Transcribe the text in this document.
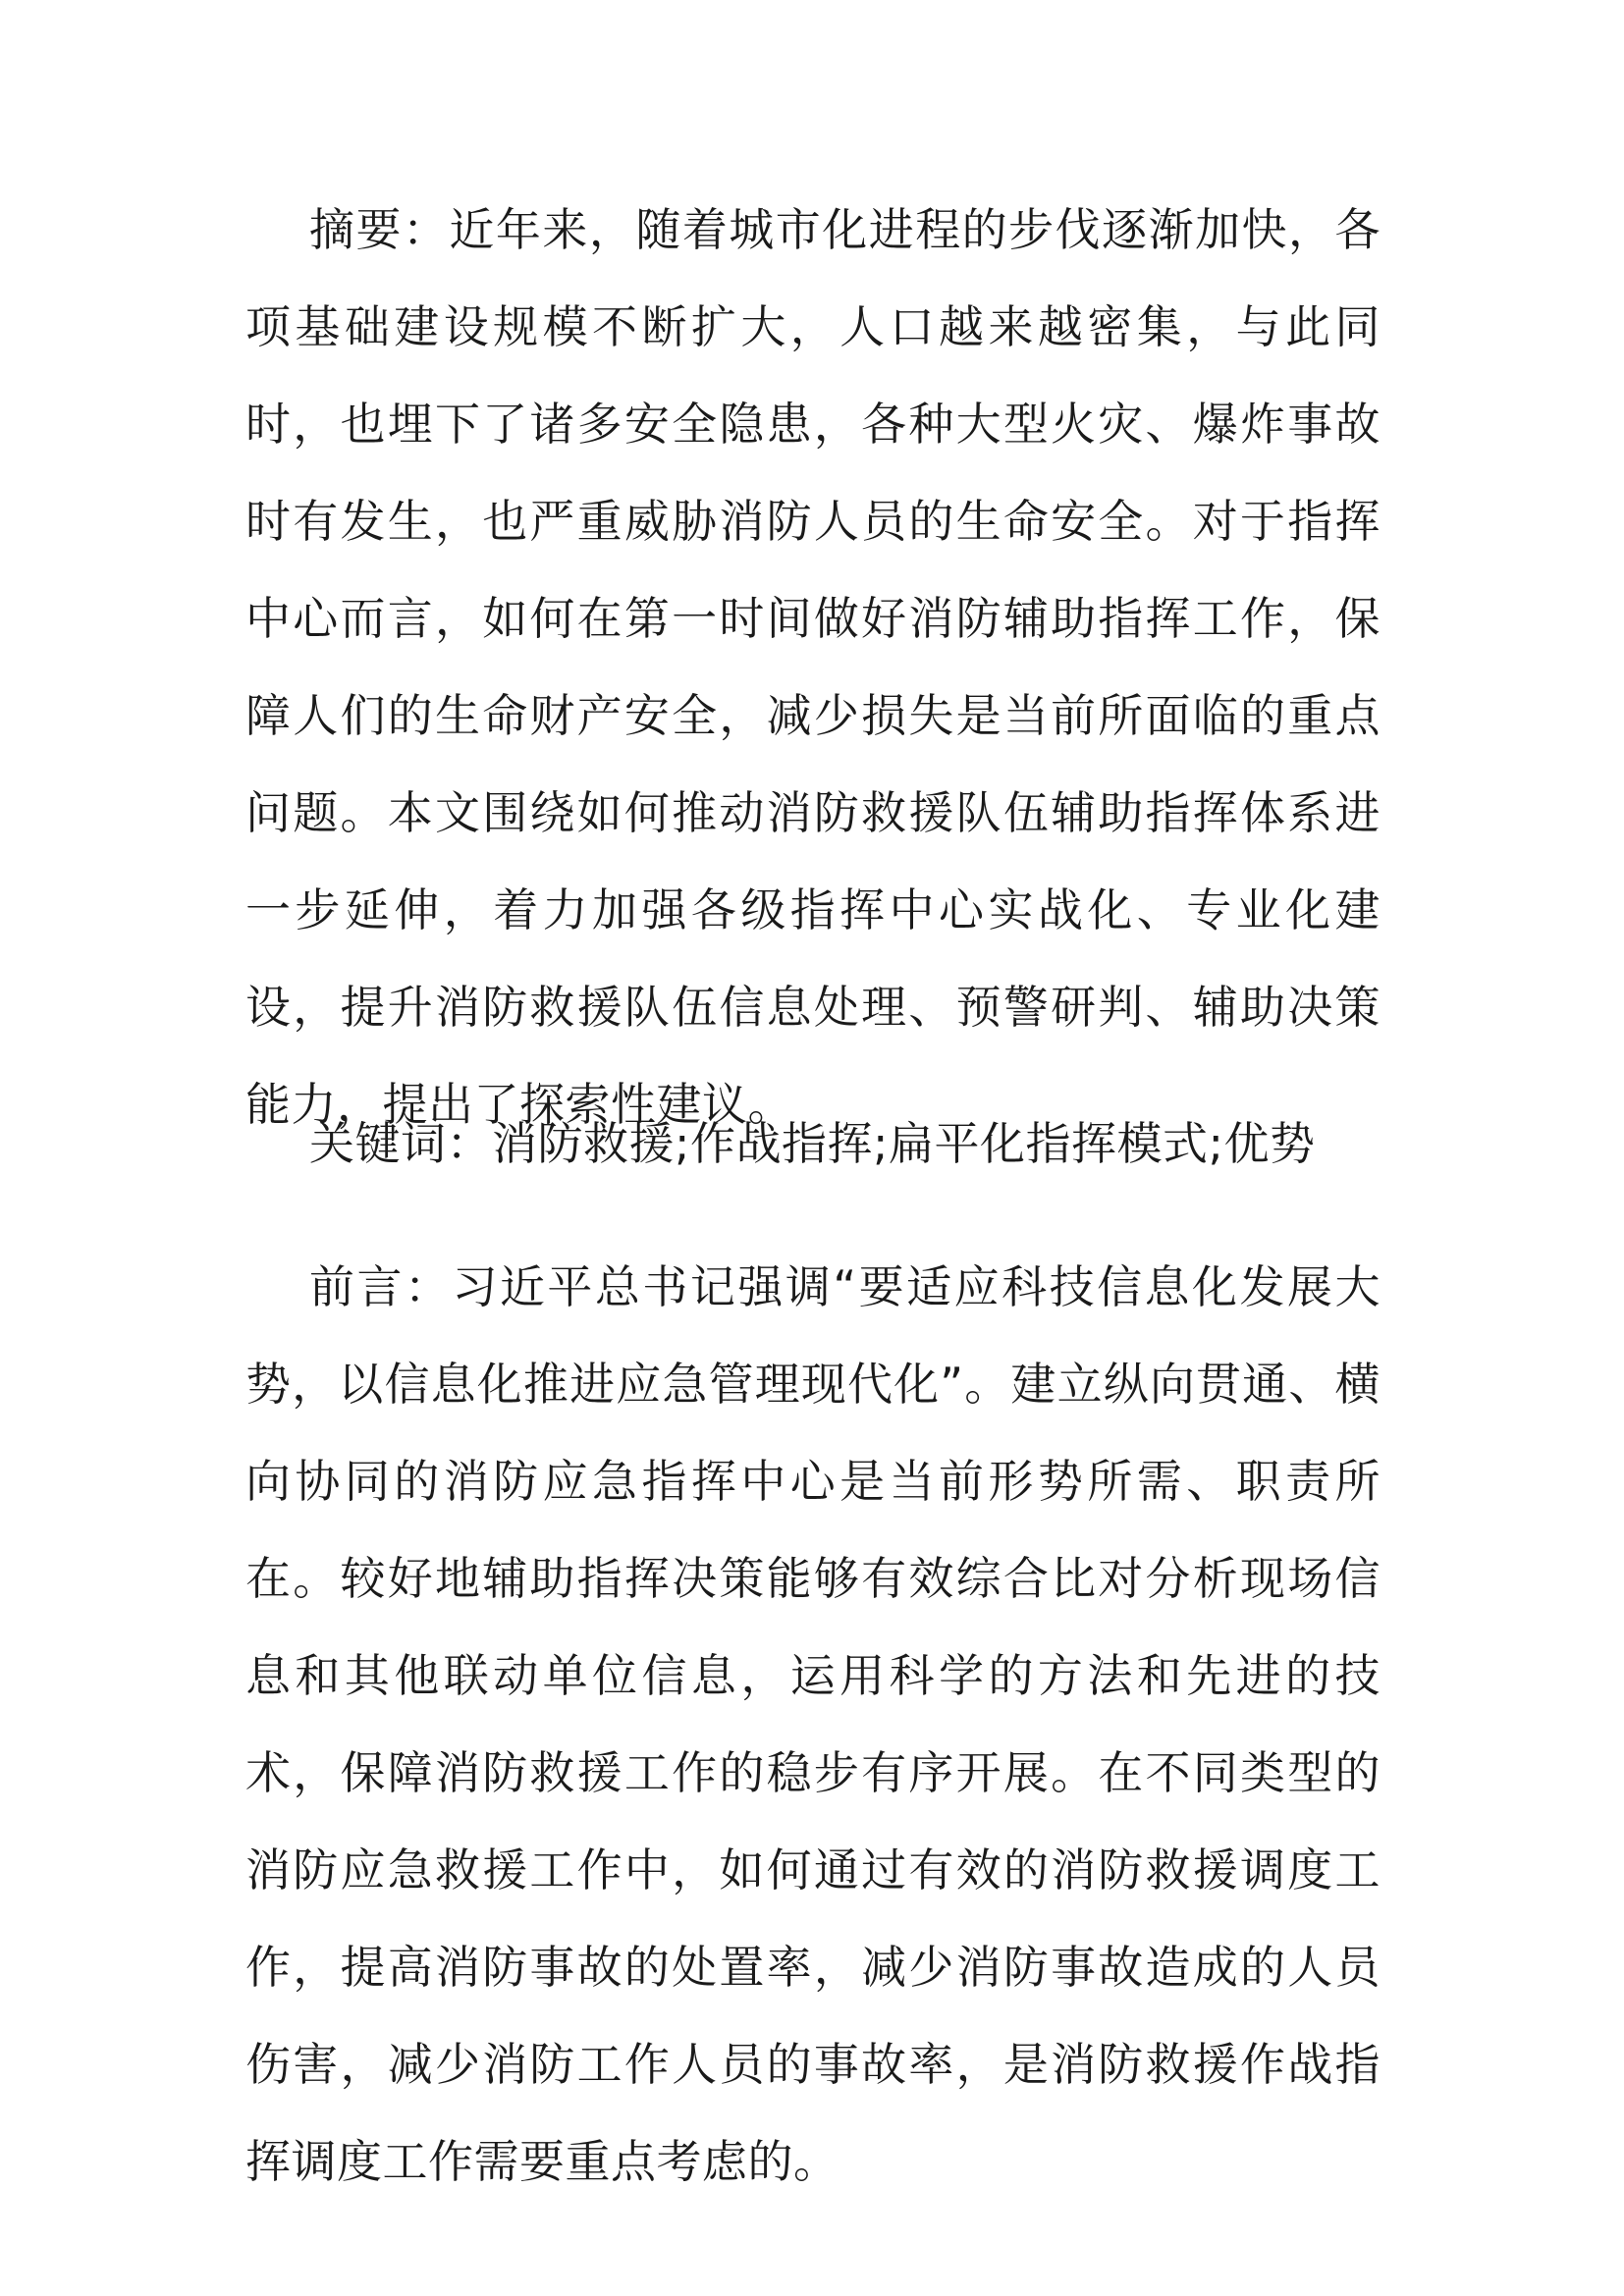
摘要：近年来，随着城市化进程的步伐逐渐加快，各项基础建设规模不断扩大，人口越来越密集，与此同时，也埋下了诸多安全隐患，各种大型火灾、爆炸事故时有发生，也严重威胁消防人员的生命安全。对于指挥中心而言，如何在第一时间做好消防辅助指挥工作，保障人们的生命财产安全，减少损失是当前所面临的重点问题。本文围绕如何推动消防救援队伍辅助指挥体系进一步延伸，着力加强各级指挥中心实战化、专业化建设，提升消防救援队伍信息处理、预警研判、辅助决策能力，提出了探索性建议。

关键词：消防救援;作战指挥;扁平化指挥模式;优势

前言：习近平总书记强调“要适应科技信息化发展大势，以信息化推进应急管理现代化”。建立纵向贯通、横向协同的消防应急指挥中心是当前形势所需、职责所在。较好地辅助指挥决策能够有效综合比对分析现场信息和其他联动单位信息，运用科学的方法和先进的技术，保障消防救援工作的稳步有序开展。在不同类型的消防应急救援工作中，如何通过有效的消防救援调度工作，提高消防事故的处置率，减少消防事故造成的人员伤害，减少消防工作人员的事故率，是消防救援作战指挥调度工作需要重点考虑的。
